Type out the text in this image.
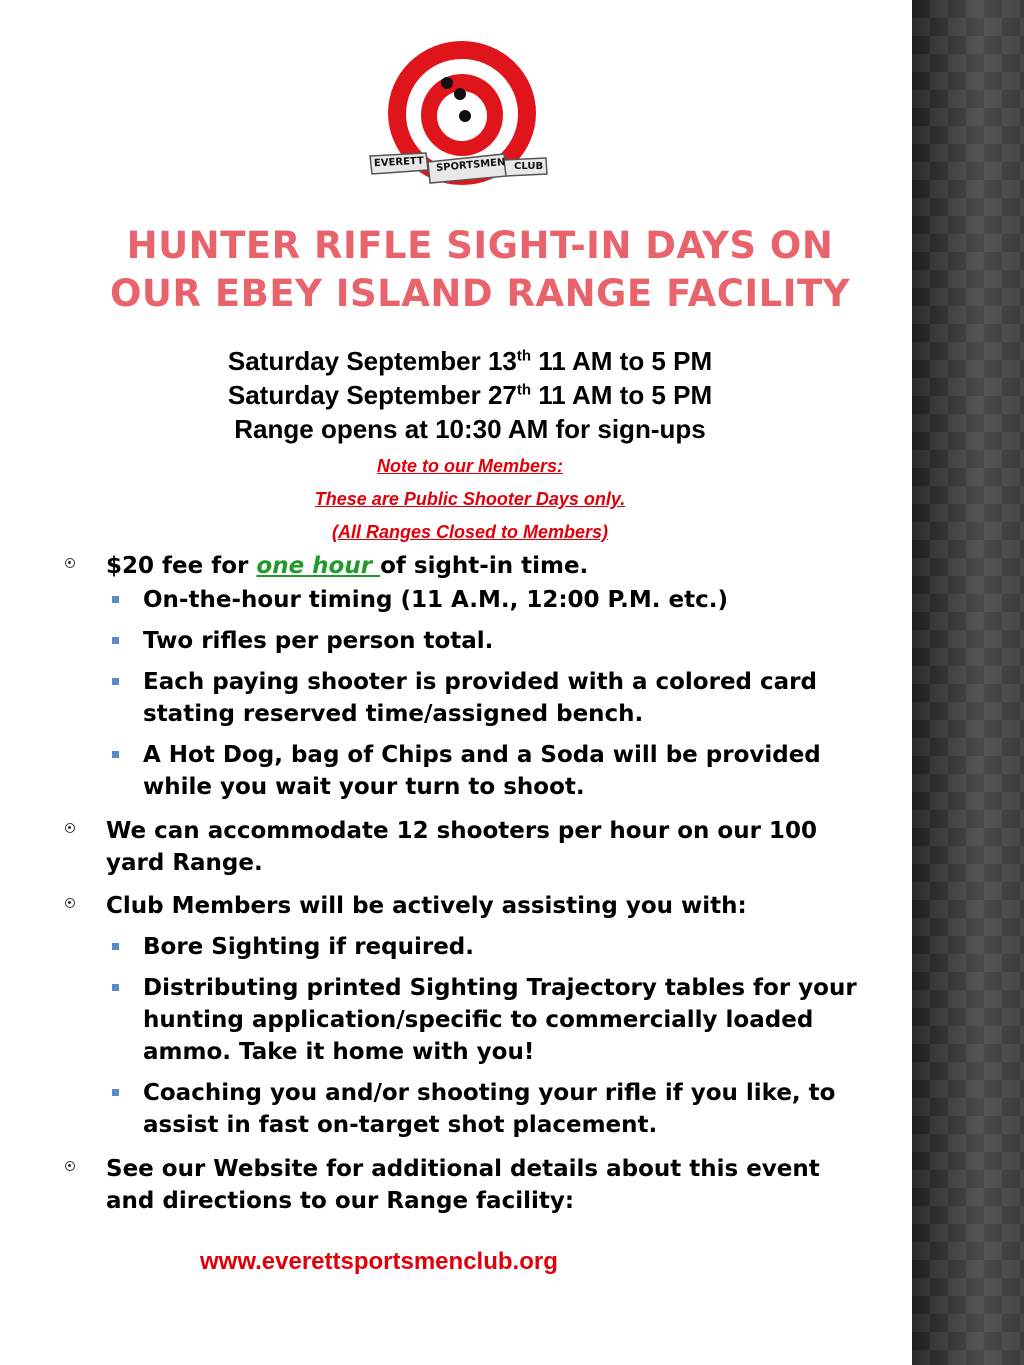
EVERETT SPORTSMEN CLUB
HUNTER RIFLE SIGHT-IN DAYS ON
OUR EBEY ISLAND RANGE FACILITY
Saturday September 13th 11 AM to 5 PM
Saturday September 27th 11 AM to 5 PM
Range opens at 10:30 AM for sign-ups
Note to our Members:
These are Public Shooter Days only.
(All Ranges Closed to Members)
$20 fee for one hour of sight-in time.
On-the-hour timing (11 A.M., 12:00 P.M. etc.)
Two rifles per person total.
Each paying shooter is provided with a colored card stating reserved time/assigned bench.
A Hot Dog, bag of Chips and a Soda will be provided while you wait your turn to shoot.
We can accommodate 12 shooters per hour on our 100 yard Range.
Club Members will be actively assisting you with:
Bore Sighting if required.
Distributing printed Sighting Trajectory tables for your hunting application/specific to commercially loaded ammo. Take it home with you!
Coaching you and/or shooting your rifle if you like, to assist in fast on-target shot placement.
See our Website for additional details about this event and directions to our Range facility:
www.everettsportsmenclub.org
